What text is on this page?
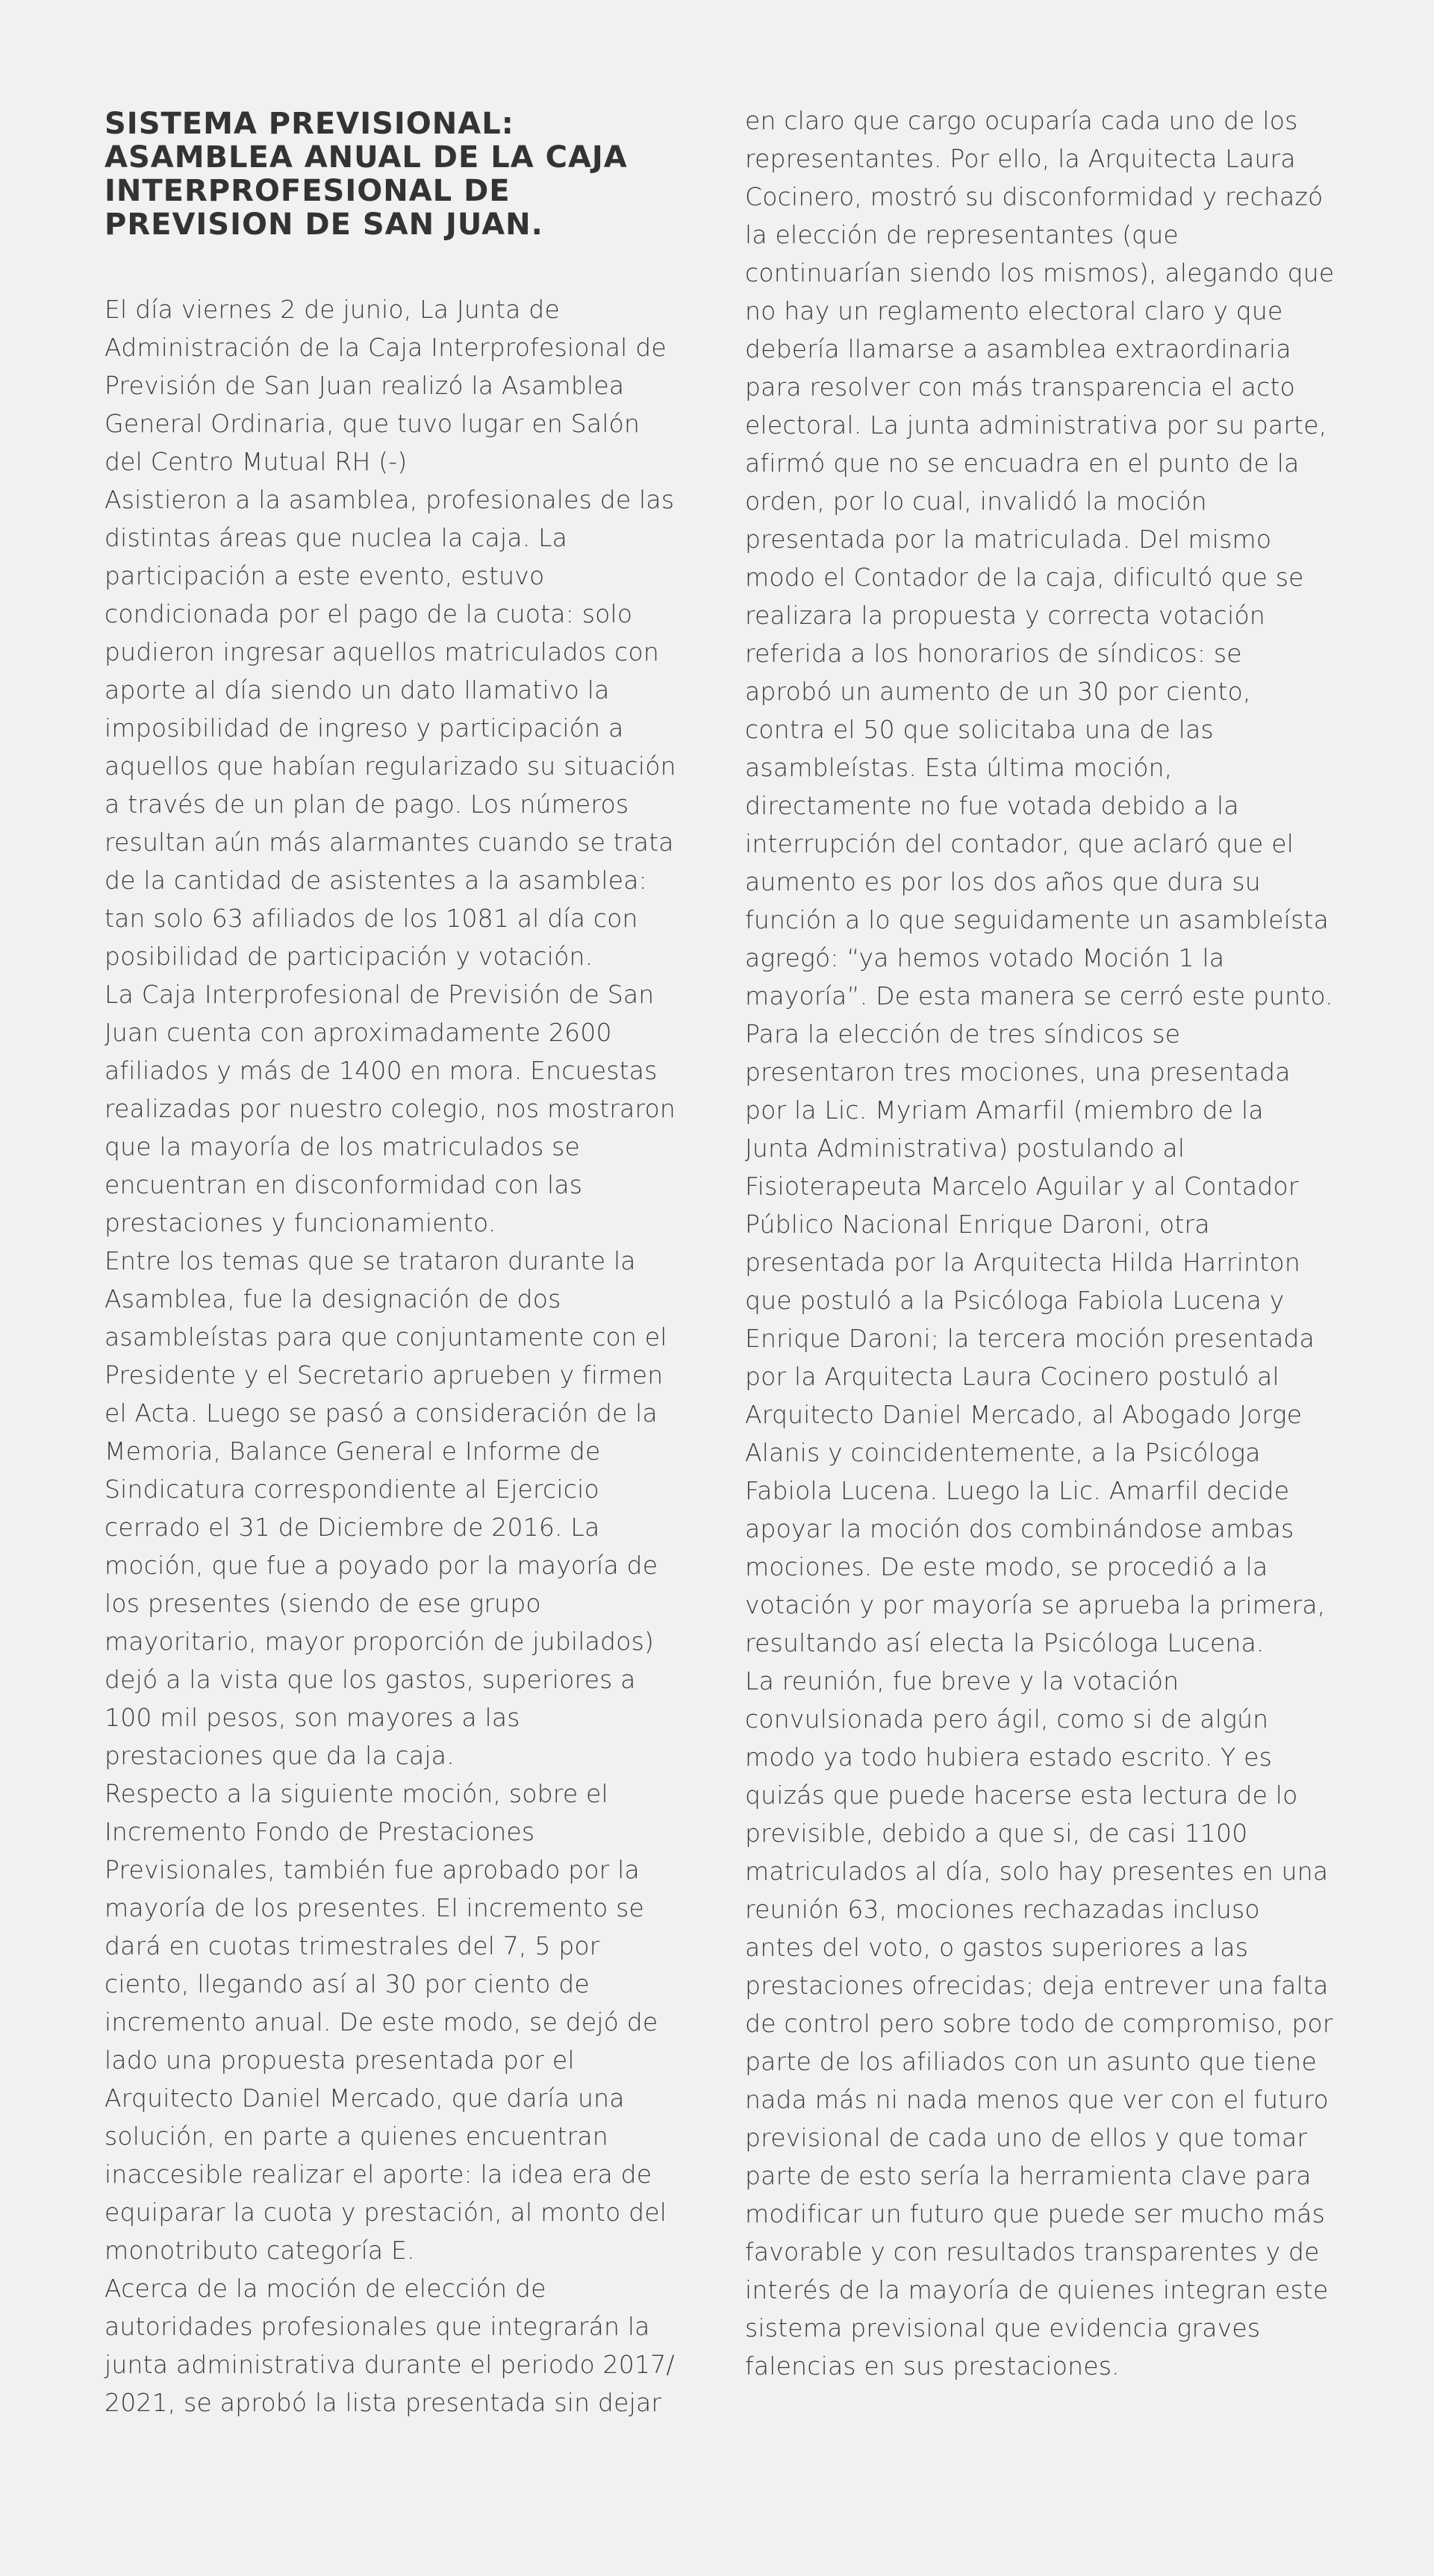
SISTEMA PREVISIONAL:
ASAMBLEA ANUAL DE LA CAJA INTERPROFESIONAL DE PREVISION DE SAN JUAN.

El día viernes 2 de junio, La Junta de Administración de la Caja Interprofesional de Previsión de San Juan realizó la Asamblea General Ordinaria, que tuvo lugar en Salón del Centro Mutual RH (-)

Asistieron a la asamblea, profesionales de las distintas áreas que nuclea la caja. La participación a este evento, estuvo condicionada por el pago de la cuota: solo pudieron ingresar aquellos matriculados con aporte al día siendo un dato llamativo la imposibilidad de ingreso y participación a aquellos que habían regularizado su situación a través de un plan de pago. Los números resultan aún más alarmantes cuando se trata de la cantidad de asistentes a la asamblea: tan solo 63 afiliados de los 1081 al día con posibilidad de participación y votación.

La Caja Interprofesional de Previsión de San Juan cuenta con aproximadamente 2600 afiliados y más de 1400 en mora. Encuestas realizadas por nuestro colegio, nos mostraron que la mayoría de los matriculados se encuentran en disconformidad con las prestaciones y funcionamiento.

Entre los temas que se trataron durante la Asamblea, fue la designación de dos asambleístas para que conjuntamente con el Presidente y el Secretario aprueben y firmen el Acta. Luego se pasó a consideración de la Memoria, Balance General e Informe de Sindicatura correspondiente al Ejercicio cerrado el 31 de Diciembre de 2016. La moción, que fue a poyado por la mayoría de los presentes (siendo de ese grupo mayoritario, mayor proporción de jubilados) dejó a la vista que los gastos, superiores a 100 mil pesos, son mayores a las prestaciones que da la caja.

Respecto a la siguiente moción, sobre el Incremento Fondo de Prestaciones Previsionales, también fue aprobado por la mayoría de los presentes. El incremento se dará en cuotas trimestrales del 7, 5 por ciento, llegando así al 30 por ciento de incremento anual. De este modo, se dejó de lado una propuesta presentada por el Arquitecto Daniel Mercado, que daría una solución, en parte a quienes encuentran inaccesible realizar el aporte: la idea era de equiparar la cuota y prestación, al monto del monotributo categoría E.

Acerca de la moción de elección de autoridades profesionales que integrarán la junta administrativa durante el periodo 2017/ 2021, se aprobó la lista presentada sin dejar

en claro que cargo ocuparía cada uno de los representantes. Por ello, la Arquitecta Laura Cocinero, mostró su disconformidad y rechazó la elección de representantes (que continuarían siendo los mismos), alegando que no hay un reglamento electoral claro y que debería llamarse a asamblea extraordinaria para resolver con más transparencia el acto electoral. La junta administrativa por su parte, afirmó que no se encuadra en el punto de la orden, por lo cual, invalidó la moción presentada por la matriculada. Del mismo modo el Contador de la caja, dificultó que se realizara la propuesta y correcta votación referida a los honorarios de síndicos: se aprobó un aumento de un 30 por ciento, contra el 50 que solicitaba una de las asambleístas. Esta última moción, directamente no fue votada debido a la interrupción del contador, que aclaró que el aumento es por los dos años que dura su función a lo que seguidamente un asambleísta agregó: “ya hemos votado Moción 1 la mayoría”. De esta manera se cerró este punto.

Para la elección de tres síndicos se presentaron tres mociones, una presentada por la Lic. Myriam Amarfil (miembro de la Junta Administrativa) postulando al Fisioterapeuta Marcelo Aguilar y al Contador Público Nacional Enrique Daroni, otra presentada por la Arquitecta Hilda Harrinton que postuló a la Psicóloga Fabiola Lucena y Enrique Daroni; la tercera moción presentada por la Arquitecta Laura Cocinero postuló al Arquitecto Daniel Mercado, al Abogado Jorge Alanis y coincidentemente, a la Psicóloga Fabiola Lucena. Luego la Lic. Amarfil decide apoyar la moción dos combinándose ambas mociones. De este modo, se procedió a la votación y por mayoría se aprueba la primera, resultando así electa la Psicóloga Lucena.

La reunión, fue breve y la votación convulsionada pero ágil, como si de algún modo ya todo hubiera estado escrito. Y es quizás que puede hacerse esta lectura de lo previsible, debido a que si, de casi 1100 matriculados al día, solo hay presentes en una reunión 63, mociones rechazadas incluso antes del voto, o gastos superiores a las prestaciones ofrecidas; deja entrever una falta de control pero sobre todo de compromiso, por parte de los afiliados con un asunto que tiene nada más ni nada menos que ver con el futuro previsional de cada uno de ellos y que tomar parte de esto sería la herramienta clave para modificar un futuro que puede ser mucho más favorable y con resultados transparentes y de interés de la mayoría de quienes integran este sistema previsional que evidencia graves falencias en sus prestaciones.
